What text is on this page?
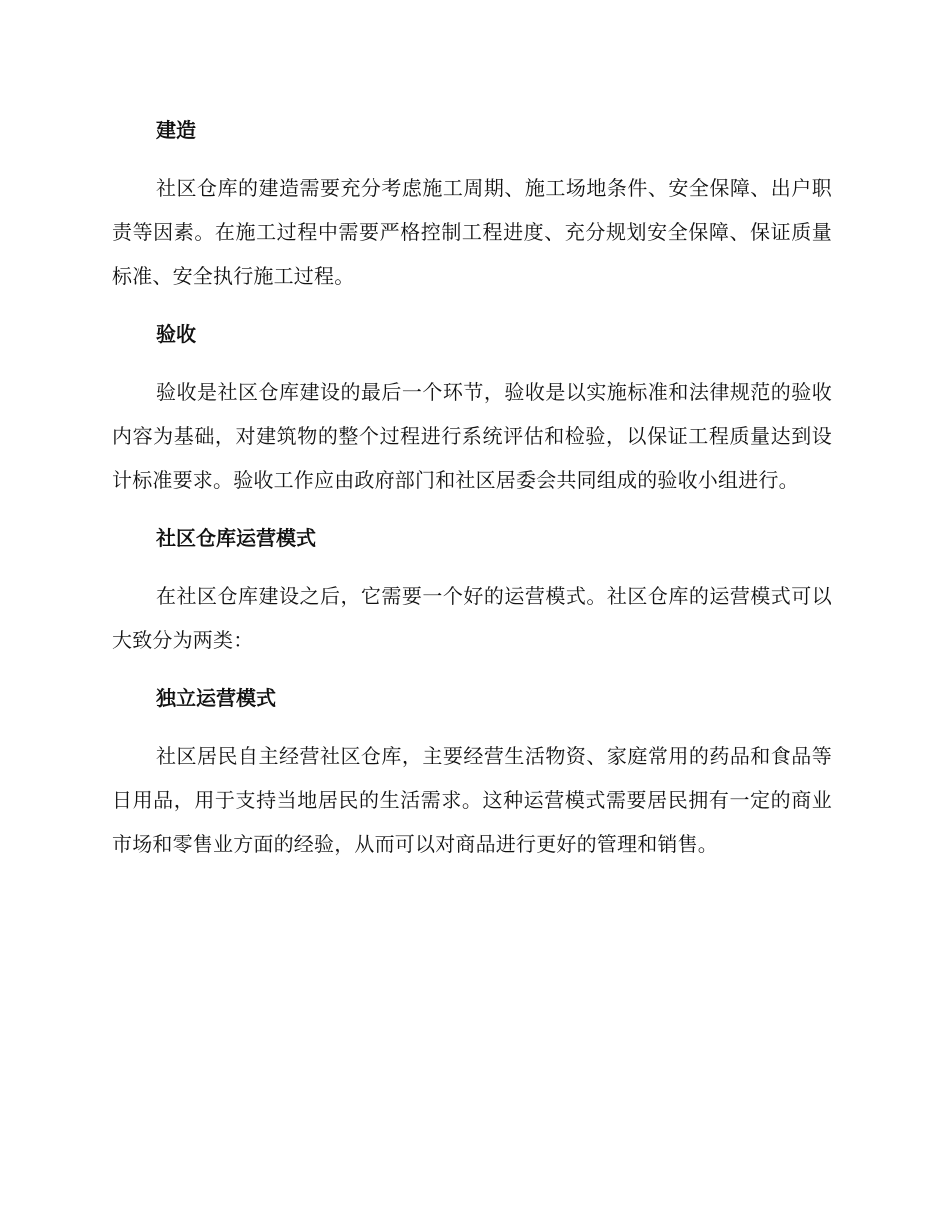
建造
社区仓库的建造需要充分考虑施工周期、施工场地条件、安全保障、出户职责等因素。在施工过程中需要严格控制工程进度、充分规划安全保障、保证质量标准、安全执行施工过程。
验收
验收是社区仓库建设的最后一个环节，验收是以实施标准和法律规范的验收内容为基础，对建筑物的整个过程进行系统评估和检验，以保证工程质量达到设计标准要求。验收工作应由政府部门和社区居委会共同组成的验收小组进行。
社区仓库运营模式
在社区仓库建设之后，它需要一个好的运营模式。社区仓库的运营模式可以大致分为两类：
独立运营模式
社区居民自主经营社区仓库，主要经营生活物资、家庭常用的药品和食品等日用品，用于支持当地居民的生活需求。这种运营模式需要居民拥有一定的商业市场和零售业方面的经验，从而可以对商品进行更好的管理和销售。
